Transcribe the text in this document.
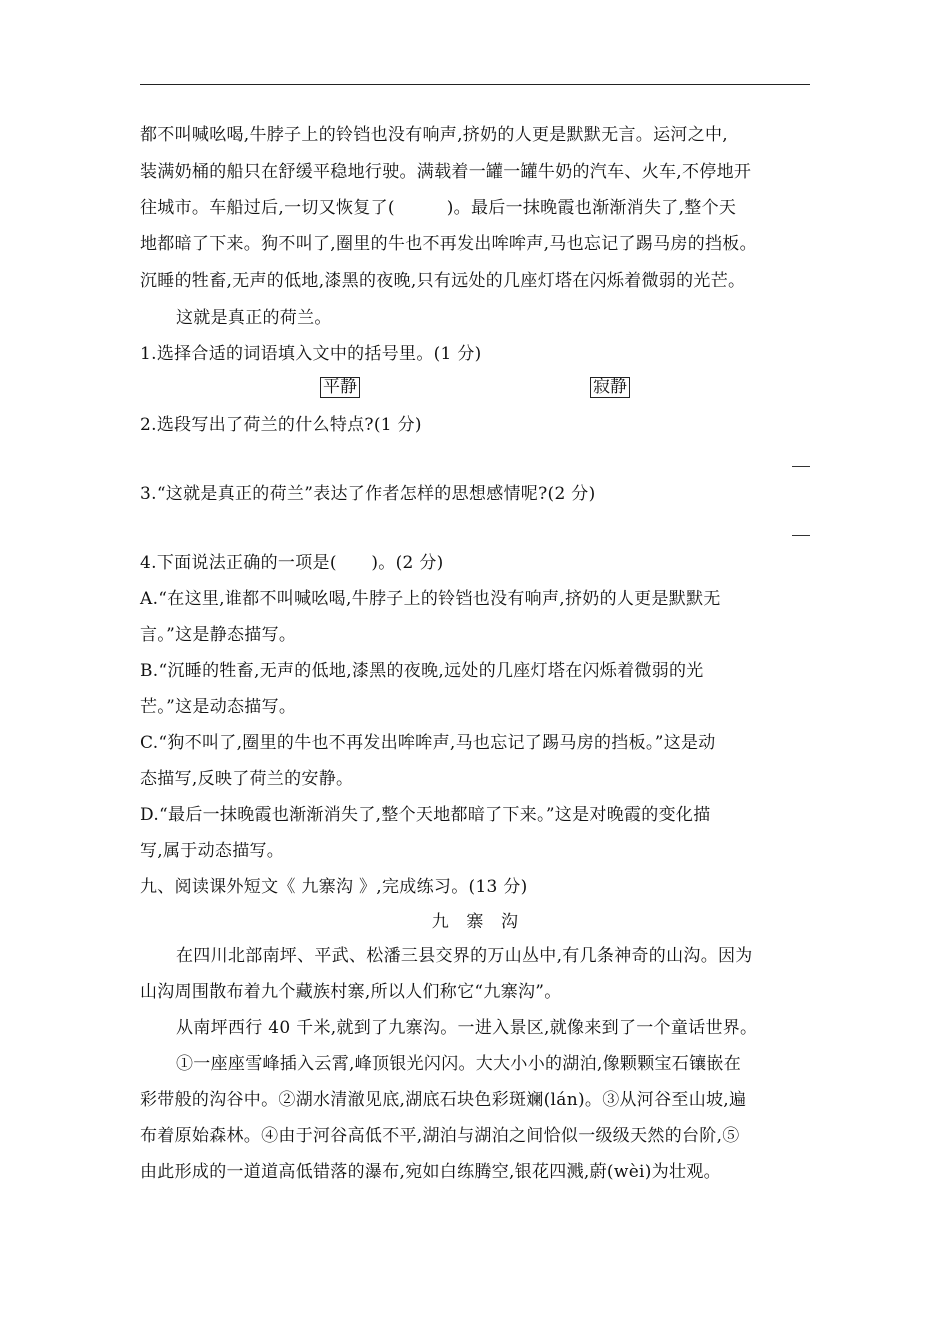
都不叫喊吆喝,牛脖子上的铃铛也没有响声,挤奶的人更是默默无言。运河之中,
装满奶桶的船只在舒缓平稳地行驶。满载着一罐一罐牛奶的汽车、火车,不停地开
往城市。车船过后,一切又恢复了(　　　)。最后一抹晚霞也渐渐消失了,整个天
地都暗了下来。狗不叫了,圈里的牛也不再发出哞哞声,马也忘记了踢马房的挡板。
沉睡的牲畜,无声的低地,漆黑的夜晚,只有远处的几座灯塔在闪烁着微弱的光芒。
这就是真正的荷兰。
1.选择合适的词语填入文中的括号里。(1 分)
平静	寂静
2.选段写出了荷兰的什么特点?(1 分)
3.“这就是真正的荷兰”表达了作者怎样的思想感情呢?(2 分)
4.下面说法正确的一项是(　　)。(2 分)
A.“在这里,谁都不叫喊吆喝,牛脖子上的铃铛也没有响声,挤奶的人更是默默无
言。”这是静态描写。
B.“沉睡的牲畜,无声的低地,漆黑的夜晚,远处的几座灯塔在闪烁着微弱的光
芒。”这是动态描写。
C.“狗不叫了,圈里的牛也不再发出哞哞声,马也忘记了踢马房的挡板。”这是动
态描写,反映了荷兰的安静。
D.“最后一抹晚霞也渐渐消失了,整个天地都暗了下来。”这是对晚霞的变化描
写,属于动态描写。
九、阅读课外短文《 九寨沟 》,完成练习。(13 分)
九　寨　沟
在四川北部南坪、平武、松潘三县交界的万山丛中,有几条神奇的山沟。因为
山沟周围散布着九个藏族村寨,所以人们称它“九寨沟”。
从南坪西行 40 千米,就到了九寨沟。一进入景区,就像来到了一个童话世界。
①一座座雪峰插入云霄,峰顶银光闪闪。大大小小的湖泊,像颗颗宝石镶嵌在
彩带般的沟谷中。②湖水清澈见底,湖底石块色彩斑斓(lán)。③从河谷至山坡,遍
布着原始森林。④由于河谷高低不平,湖泊与湖泊之间恰似一级级天然的台阶,⑤
由此形成的一道道高低错落的瀑布,宛如白练腾空,银花四溅,蔚(wèi)为壮观。
